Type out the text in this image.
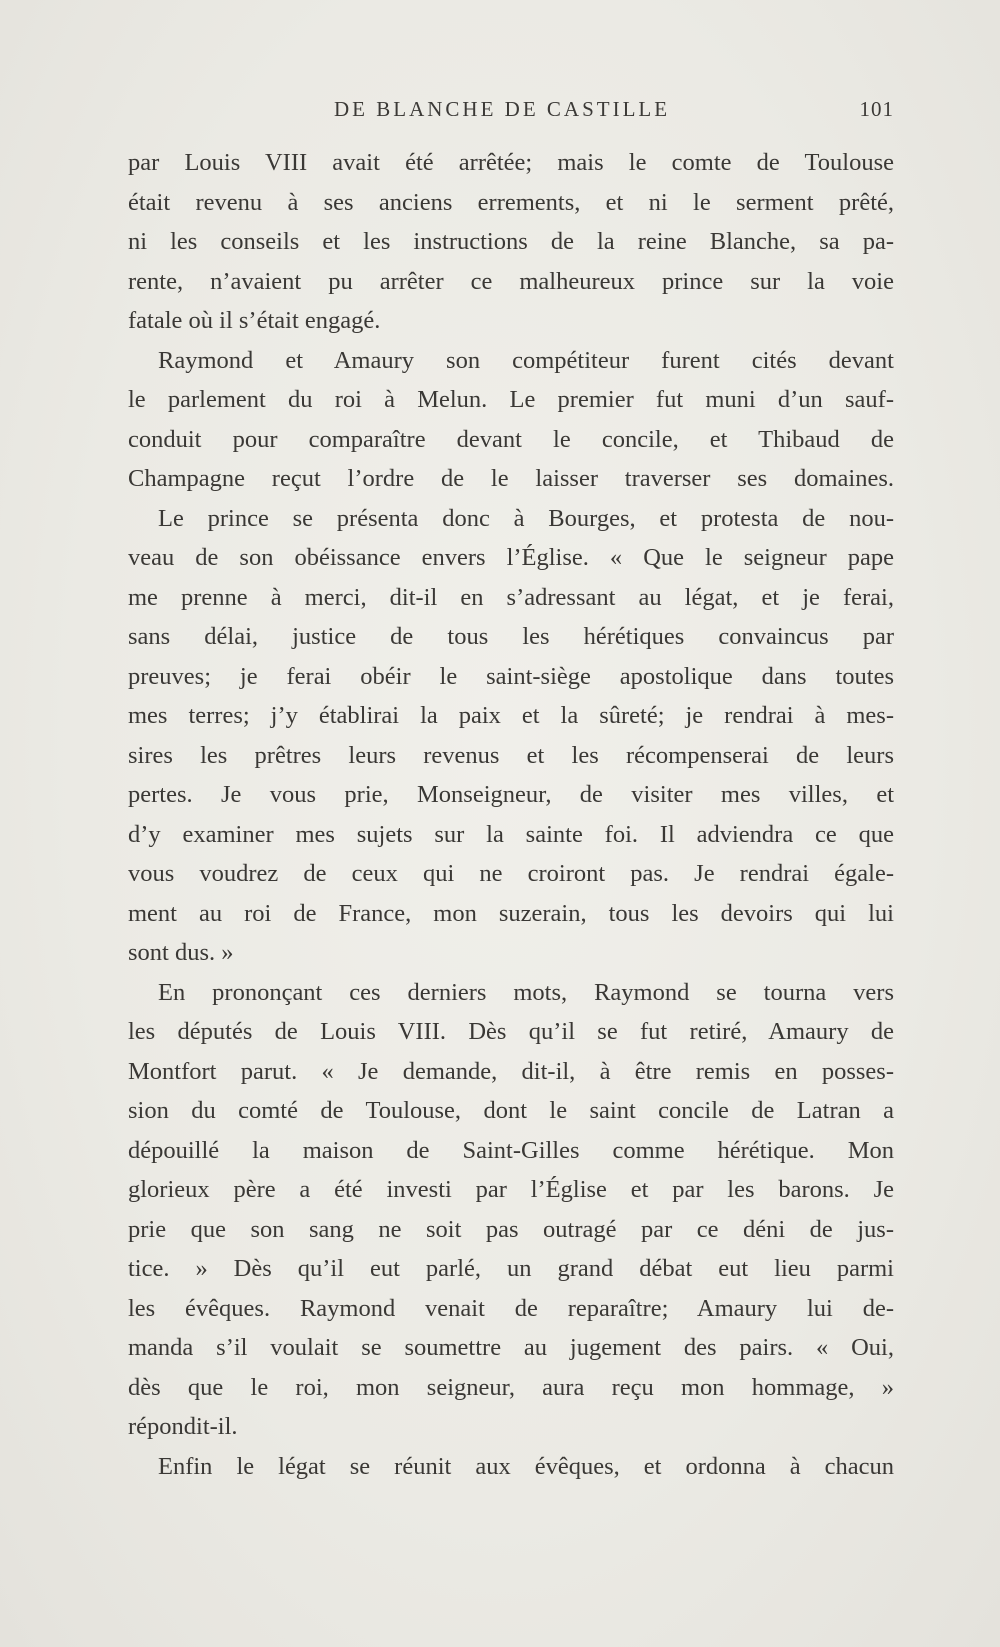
DE BLANCHE DE CASTILLE	101
par Louis VIII avait été arrêtée; mais le comte de Toulouse
était revenu à ses anciens errements, et ni le serment prêté,
ni les conseils et les instructions de la reine Blanche, sa pa-
rente, n’avaient pu arrêter ce malheureux prince sur la voie
fatale où il s’était engagé.
Raymond et Amaury son compétiteur furent cités devant
le parlement du roi à Melun. Le premier fut muni d’un sauf-
conduit pour comparaître devant le concile, et Thibaud de
Champagne reçut l’ordre de le laisser traverser ses domaines.
Le prince se présenta donc à Bourges, et protesta de nou-
veau de son obéissance envers l’Église. « Que le seigneur pape
me prenne à merci, dit-il en s’adressant au légat, et je ferai,
sans délai, justice de tous les hérétiques convaincus par
preuves; je ferai obéir le saint-siège apostolique dans toutes
mes terres; j’y établirai la paix et la sûreté; je rendrai à mes-
sires les prêtres leurs revenus et les récompenserai de leurs
pertes. Je vous prie, Monseigneur, de visiter mes villes, et
d’y examiner mes sujets sur la sainte foi. Il adviendra ce que
vous voudrez de ceux qui ne croiront pas. Je rendrai égale-
ment au roi de France, mon suzerain, tous les devoirs qui lui
sont dus. »
En prononçant ces derniers mots, Raymond se tourna vers
les députés de Louis VIII. Dès qu’il se fut retiré, Amaury de
Montfort parut. « Je demande, dit-il, à être remis en posses-
sion du comté de Toulouse, dont le saint concile de Latran a
dépouillé la maison de Saint-Gilles comme hérétique. Mon
glorieux père a été investi par l’Église et par les barons. Je
prie que son sang ne soit pas outragé par ce déni de jus-
tice. » Dès qu’il eut parlé, un grand débat eut lieu parmi
les évêques. Raymond venait de reparaître; Amaury lui de-
manda s’il voulait se soumettre au jugement des pairs. « Oui,
dès que le roi, mon seigneur, aura reçu mon hommage, »
répondit-il.
Enfin le légat se réunit aux évêques, et ordonna à chacun
